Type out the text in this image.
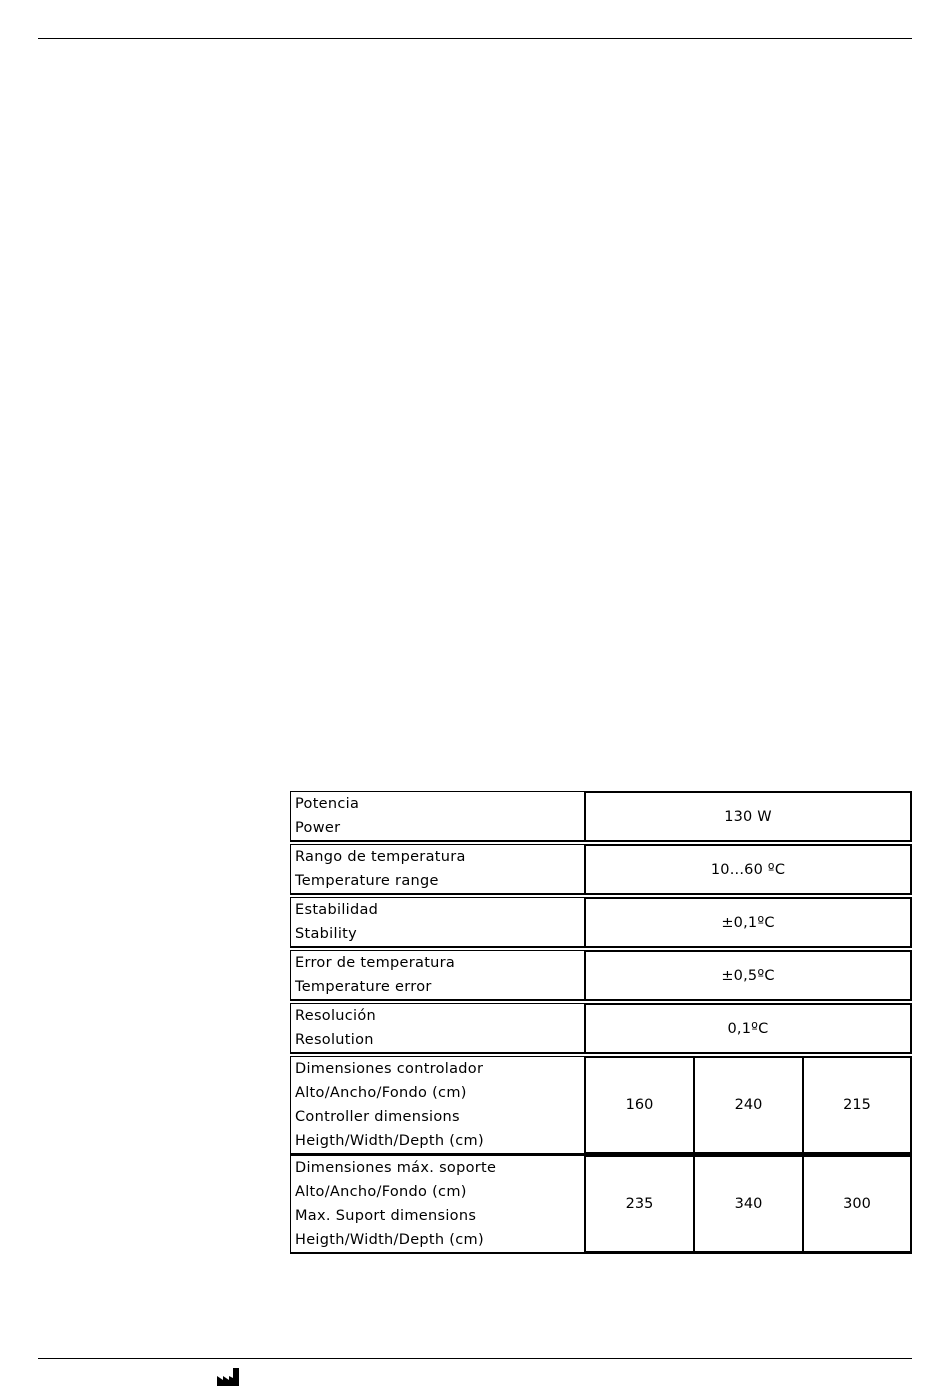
Potencia
Power	130 W		

Rango de temperatura
Temperature range	10...60 ºC		

Estabilidad
Stability	±0,1ºC		

Error de temperatura
Temperature error	±0,5ºC		

Resolución
Resolution	0,1ºC		

Dimensiones controlador
Alto/Ancho/Fondo (cm)
Controller dimensions
Heigth/Width/Depth (cm)	160	240	215

Dimensiones máx. soporte
Alto/Ancho/Fondo (cm)
Max. Suport dimensions
Heigth/Width/Depth (cm)	235	340	300
